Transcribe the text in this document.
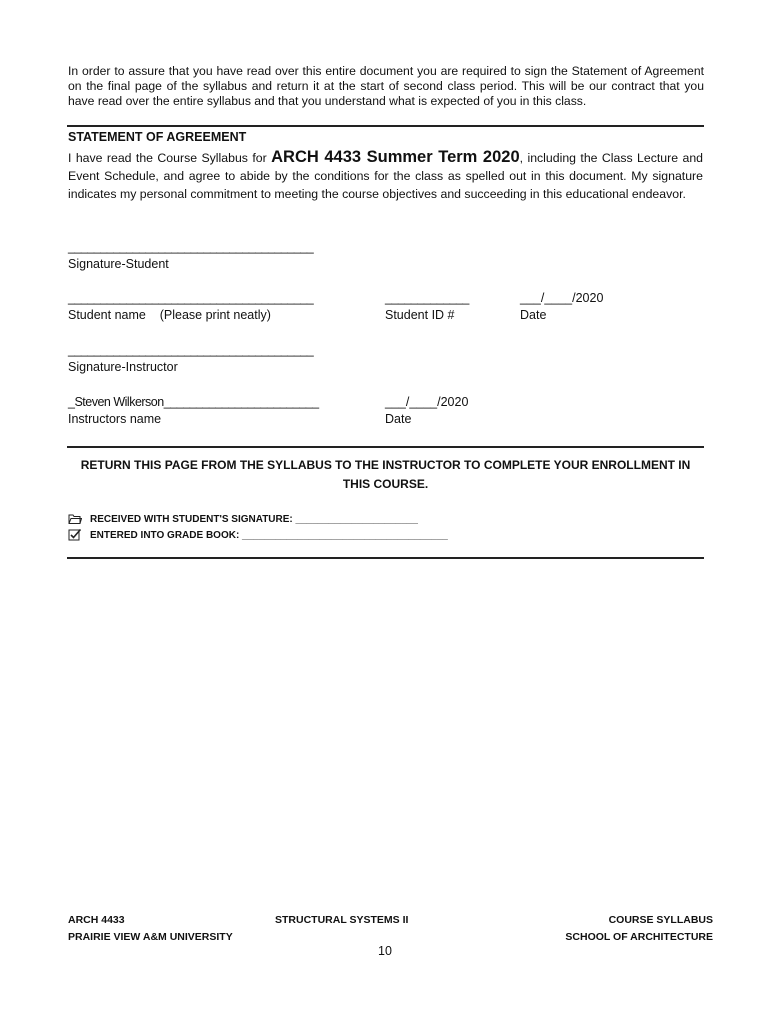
In order to assure that you have read over this entire document you are required to sign the Statement of Agreement on the final page of the syllabus and return it at the start of second class period. This will be our contract that you have read over the entire syllabus and that you understand what is expected of you in this class.
STATEMENT OF AGREEMENT
I have read the Course Syllabus for ARCH 4433 Summer Term 2020, including the Class Lecture and Event Schedule, and agree to abide by the conditions for the class as spelled out in this document. My signature indicates my personal commitment to meeting the course objectives and succeeding in this educational endeavor.
______________________________________
Signature-Student
______________________________________
Student name    (Please print neatly)
_____________
Student ID #
___/____/2020
Date
______________________________________
Signature-Instructor
_Steven Wilkerson________________________
Instructors name
___/____/2020
Date
RETURN THIS PAGE FROM THE SYLLABUS TO THE INSTRUCTOR TO COMPLETE YOUR ENROLLMENT IN THIS COURSE.
RECEIVED WITH STUDENT'S SIGNATURE: ______________________
ENTERED INTO GRADE BOOK: _____________________________________
ARCH 4433
PRAIRIE VIEW A&M UNIVERSITY
STRUCTURAL SYSTEMS II	COURSE SYLLABUS
SCHOOL OF ARCHITECTURE
10
